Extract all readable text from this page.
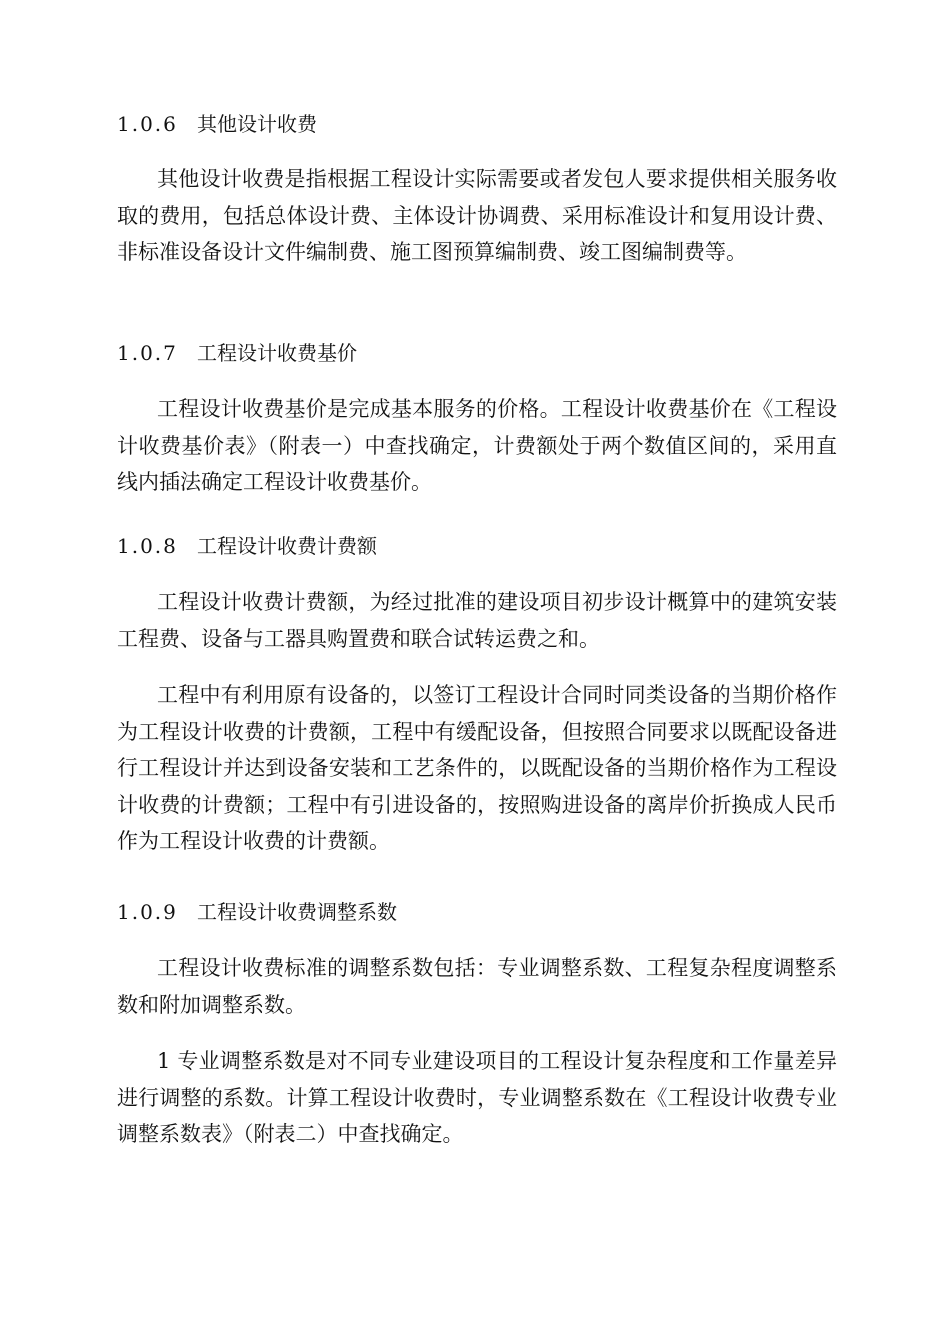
1.0.6 其他设计收费

其他设计收费是指根据工程设计实际需要或者发包人要求提供相关服务收取的费用，包括总体设计费、主体设计协调费、采用标准设计和复用设计费、非标准设备设计文件编制费、施工图预算编制费、竣工图编制费等。

1.0.7 工程设计收费基价

工程设计收费基价是完成基本服务的价格。工程设计收费基价在《工程设计收费基价表》（附表一）中查找确定，计费额处于两个数值区间的，采用直线内插法确定工程设计收费基价。

1.0.8 工程设计收费计费额

工程设计收费计费额，为经过批准的建设项目初步设计概算中的建筑安装工程费、设备与工器具购置费和联合试转运费之和。

工程中有利用原有设备的，以签订工程设计合同时同类设备的当期价格作为工程设计收费的计费额，工程中有缓配设备，但按照合同要求以既配设备进行工程设计并达到设备安装和工艺条件的，以既配设备的当期价格作为工程设计收费的计费额；工程中有引进设备的，按照购进设备的离岸价折换成人民币作为工程设计收费的计费额。

1.0.9 工程设计收费调整系数

工程设计收费标准的调整系数包括：专业调整系数、工程复杂程度调整系数和附加调整系数。

1 专业调整系数是对不同专业建设项目的工程设计复杂程度和工作量差异进行调整的系数。计算工程设计收费时，专业调整系数在《工程设计收费专业调整系数表》（附表二）中查找确定。
